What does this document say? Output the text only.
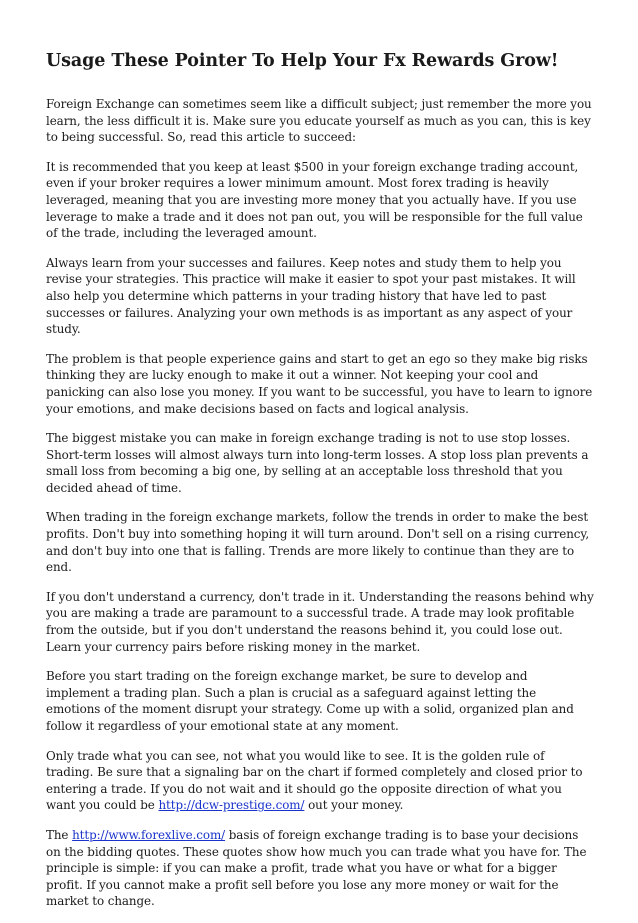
Usage These Pointer To Help Your Fx Rewards Grow!

Foreign Exchange can sometimes seem like a difficult subject; just remember the more you learn, the less difficult it is. Make sure you educate yourself as much as you can, this is key to being successful. So, read this article to succeed:

It is recommended that you keep at least $500 in your foreign exchange trading account, even if your broker requires a lower minimum amount. Most forex trading is heavily leveraged, meaning that you are investing more money that you actually have. If you use leverage to make a trade and it does not pan out, you will be responsible for the full value of the trade, including the leveraged amount.

Always learn from your successes and failures. Keep notes and study them to help you revise your strategies. This practice will make it easier to spot your past mistakes. It will also help you determine which patterns in your trading history that have led to past successes or failures. Analyzing your own methods is as important as any aspect of your study.

The problem is that people experience gains and start to get an ego so they make big risks thinking they are lucky enough to make it out a winner. Not keeping your cool and panicking can also lose you money. If you want to be successful, you have to learn to ignore your emotions, and make decisions based on facts and logical analysis.

The biggest mistake you can make in foreign exchange trading is not to use stop losses. Short-term losses will almost always turn into long-term losses. A stop loss plan prevents a small loss from becoming a big one, by selling at an acceptable loss threshold that you decided ahead of time.

When trading in the foreign exchange markets, follow the trends in order to make the best profits. Don't buy into something hoping it will turn around. Don't sell on a rising currency, and don't buy into one that is falling. Trends are more likely to continue than they are to end.

If you don't understand a currency, don't trade in it. Understanding the reasons behind why you are making a trade are paramount to a successful trade. A trade may look profitable from the outside, but if you don't understand the reasons behind it, you could lose out. Learn your currency pairs before risking money in the market.

Before you start trading on the foreign exchange market, be sure to develop and implement a trading plan. Such a plan is crucial as a safeguard against letting the emotions of the moment disrupt your strategy. Come up with a solid, organized plan and follow it regardless of your emotional state at any moment.

Only trade what you can see, not what you would like to see. It is the golden rule of trading. Be sure that a signaling bar on the chart if formed completely and closed prior to entering a trade. If you do not wait and it should go the opposite direction of what you want you could be http://dcw-prestige.com/ out your money.

The http://www.forexlive.com/ basis of foreign exchange trading is to base your decisions on the bidding quotes. These quotes show how much you can trade what you have for. The principle is simple: if you can make a profit, trade what you have or what for a bigger profit. If you cannot make a profit sell before you lose any more money or wait for the market to change.
